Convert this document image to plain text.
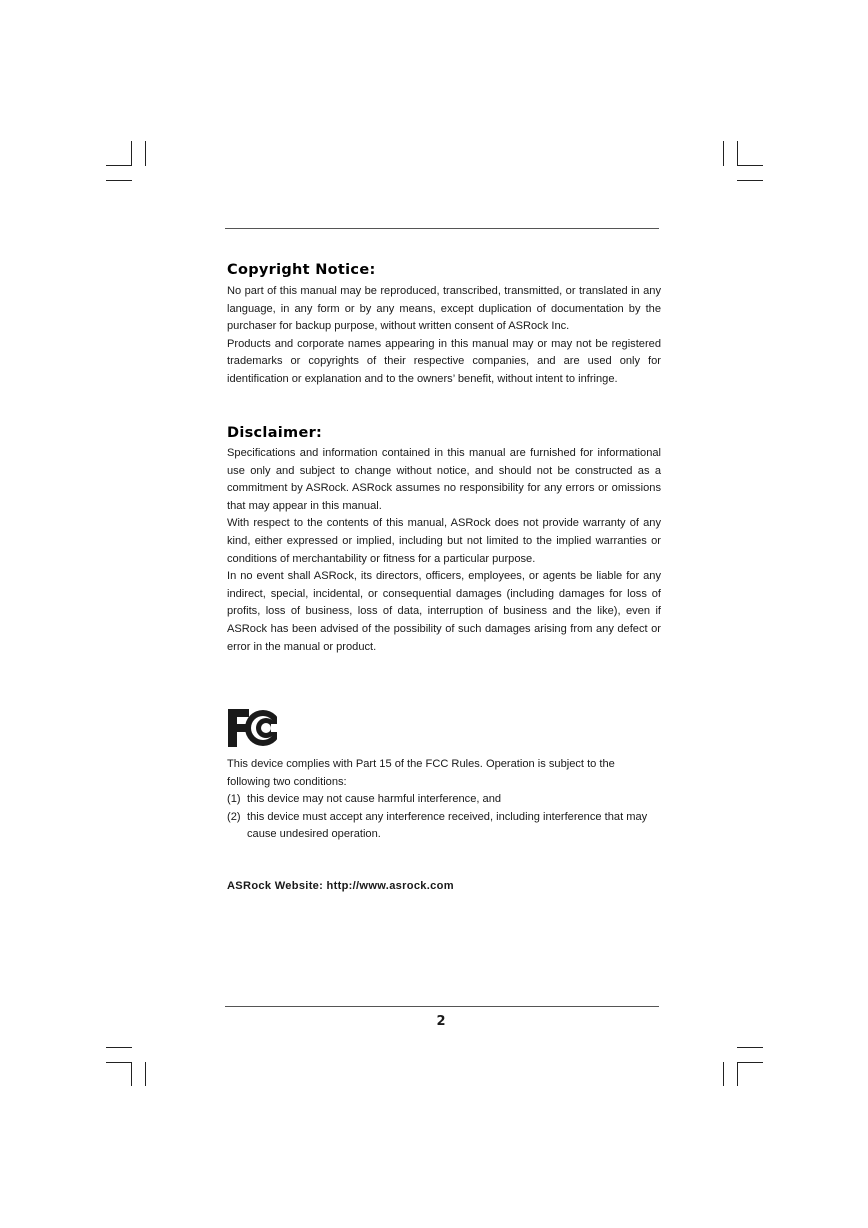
Copyright Notice:

No part of this manual may be reproduced, transcribed, transmitted, or translated in any language, in any form or by any means, except duplication of documentation by the purchaser for backup purpose, without written consent of ASRock Inc.

Products and corporate names appearing in this manual may or may not be registered trademarks or copyrights of their respective companies, and are used only for identification or explanation and to the owners’ benefit, without intent to infringe.

Disclaimer:

Specifications and information contained in this manual are furnished for informational use only and subject to change without notice, and should not be constructed as a commitment by ASRock. ASRock assumes no responsibility for any errors or omissions that may appear in this manual.

With respect to the contents of this manual, ASRock does not provide warranty of any kind, either expressed or implied, including but not limited to the implied warranties or conditions of merchantability or fitness for a particular purpose.

In no event shall ASRock, its directors, officers, employees, or agents be liable for any indirect, special, incidental, or consequential damages (including damages for loss of profits, loss of business, loss of data, interruption of business and the like), even if ASRock has been advised of the possibility of such damages arising from any defect or error in the manual or product.

This device complies with Part 15 of the FCC Rules. Operation is subject to the following two conditions:

(1) this device may not cause harmful interference, and
(2) this device must accept any interference received, including interference that may cause undesired operation.

ASRock Website: http://www.asrock.com

2
